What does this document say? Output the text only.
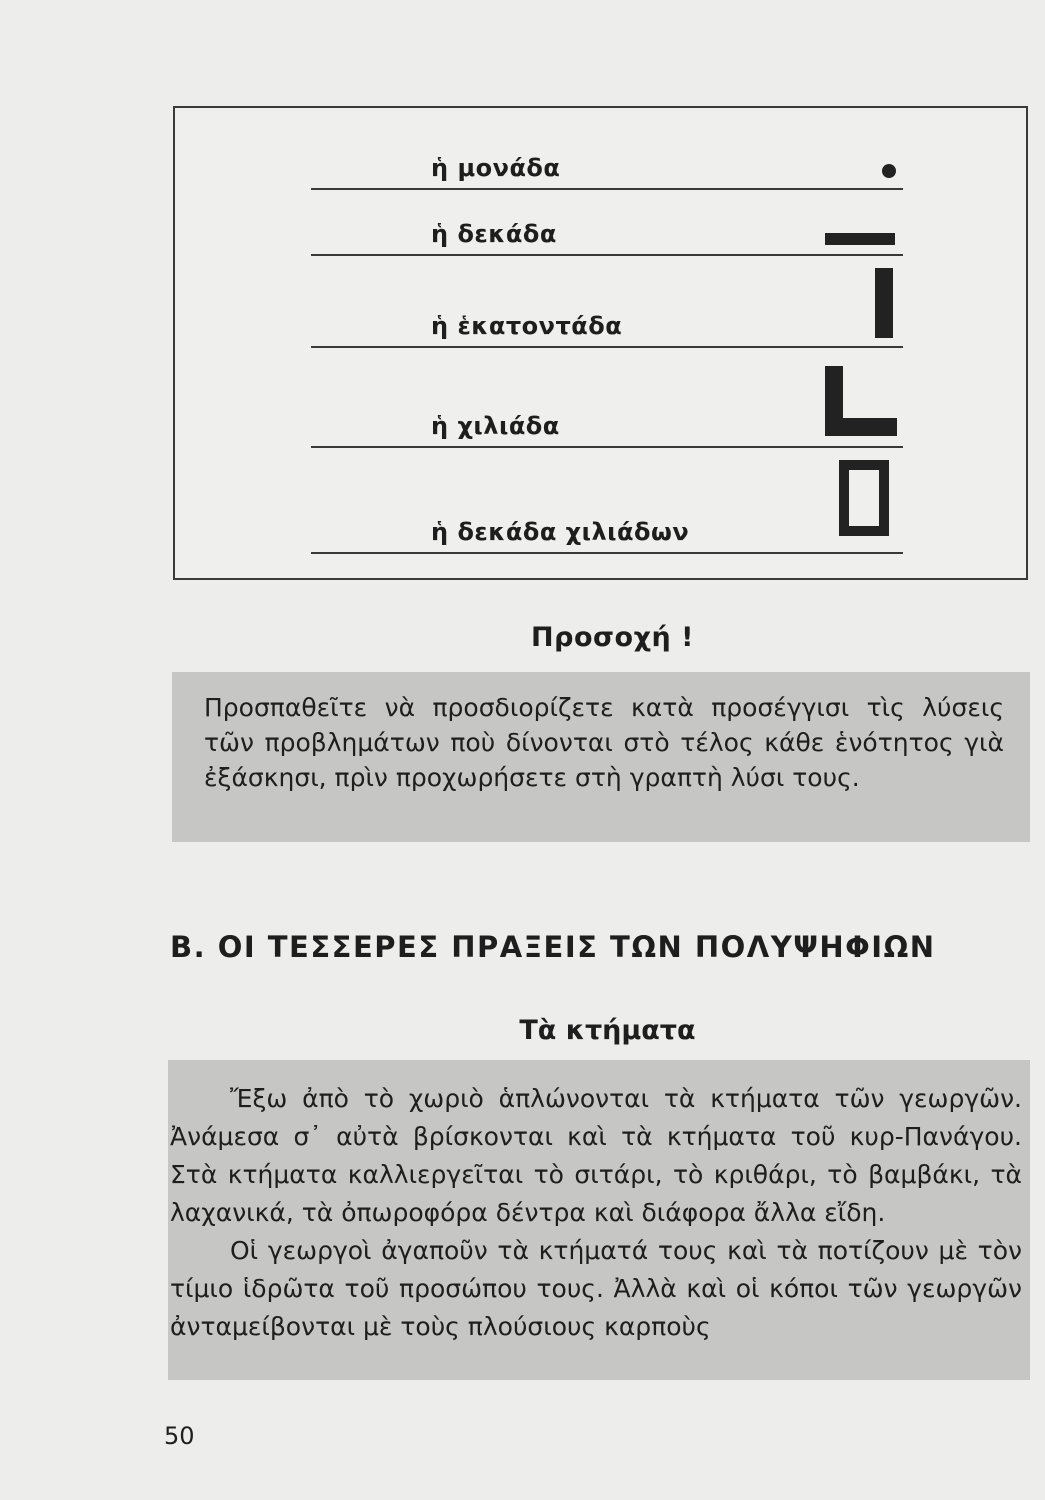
ἡ μονάδα
ἡ δεκάδα
ἡ ἑκατοντάδα
ἡ χιλιάδα
ἡ δεκάδα χιλιάδων
Προσοχή !
Προσπαθεῖτε νὰ προσδιορίζετε κατὰ προσέγγισι τὶς λύσεις τῶν προβλημάτων ποὺ δίνονται στὸ τέλος κάθε ἑνότητος γιὰ ἐξάσκησι, πρὶν προχωρήσετε στὴ γραπτὴ λύσι τους.
Β. ΟΙ ΤΕΣΣΕΡΕΣ ΠΡΑΞΕΙΣ ΤΩΝ ΠΟΛΥΨΗΦΙΩΝ
Τὰ κτήματα

Ἔξω ἀπὸ τὸ χωριὸ ἁπλώνονται τὰ κτήματα τῶν γεωργῶν. Ἀνάμεσα σ᾽ αὐτὰ βρίσκονται καὶ τὰ κτήματα τοῦ κυρ-Πανάγου. Στὰ κτήματα καλλιεργεῖται τὸ σιτάρι, τὸ κριθάρι, τὸ βαμβάκι, τὰ λαχανικά, τὰ ὀπωροφόρα δέντρα καὶ διάφορα ἄλλα εἴδη.

Οἱ γεωργοὶ ἀγαποῦν τὰ κτήματά τους καὶ τὰ ποτίζουν μὲ τὸν τίμιο ἱδρῶτα τοῦ προσώπου τους. Ἀλλὰ καὶ οἱ κόποι τῶν γεωργῶν ἀνταμείβονται μὲ τοὺς πλούσιους καρποὺς

50
